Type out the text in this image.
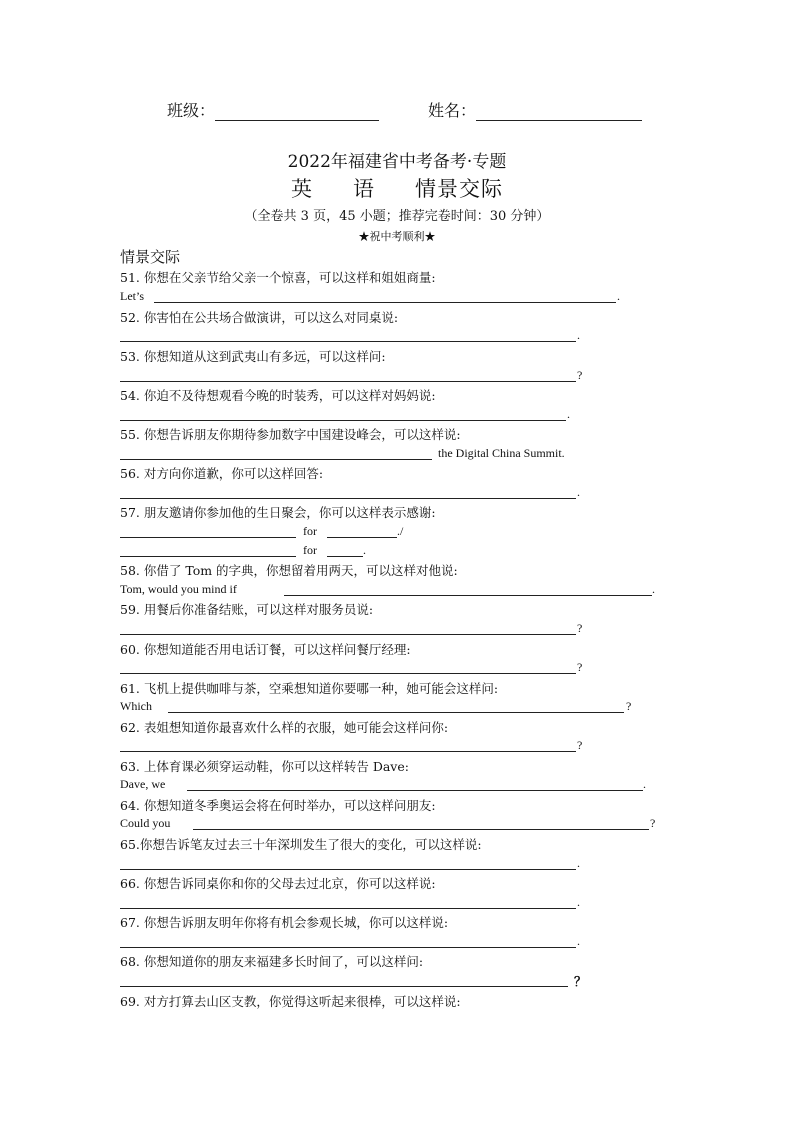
班级：	姓名：
2022年福建省中考备考·专题
英 语 情景交际
（全卷共 3 页，45 小题；推荐完卷时间：30 分钟）
★祝中考顺利★
情景交际
51. 你想在父亲节给父亲一个惊喜，可以这样和姐姐商量:
Let’s	.
52. 你害怕在公共场合做演讲，可以这么对同桌说:
.
53. 你想知道从这到武夷山有多远，可以这样问:
?
54. 你迫不及待想观看今晚的时装秀，可以这样对妈妈说:
.
55. 你想告诉朋友你期待参加数字中国建设峰会，可以这样说:
the Digital China Summit.
56. 对方向你道歉，你可以这样回答:
.
57. 朋友邀请你参加他的生日聚会，你可以这样表示感谢:
for	./
for	.
58. 你借了 Tom 的字典，你想留着用两天，可以这样对他说:
Tom, would you mind if	.
59. 用餐后你准备结账，可以这样对服务员说:
?
60. 你想知道能否用电话订餐，可以这样问餐厅经理:
?
61. 飞机上提供咖啡与茶，空乘想知道你要哪一种，她可能会这样问:
Which	?
62. 表姐想知道你最喜欢什么样的衣服，她可能会这样问你:
?
63. 上体育课必须穿运动鞋，你可以这样转告 Dave:
Dave, we	.
64. 你想知道冬季奥运会将在何时举办，可以这样问朋友:
Could you	?
65.你想告诉笔友过去三十年深圳发生了很大的变化，可以这样说:
.
66. 你想告诉同桌你和你的父母去过北京，你可以这样说:
.
67. 你想告诉朋友明年你将有机会参观长城，你可以这样说:
.
68. 你想知道你的朋友来福建多长时间了，可以这样问:
？
69. 对方打算去山区支教，你觉得这听起来很棒，可以这样说:
